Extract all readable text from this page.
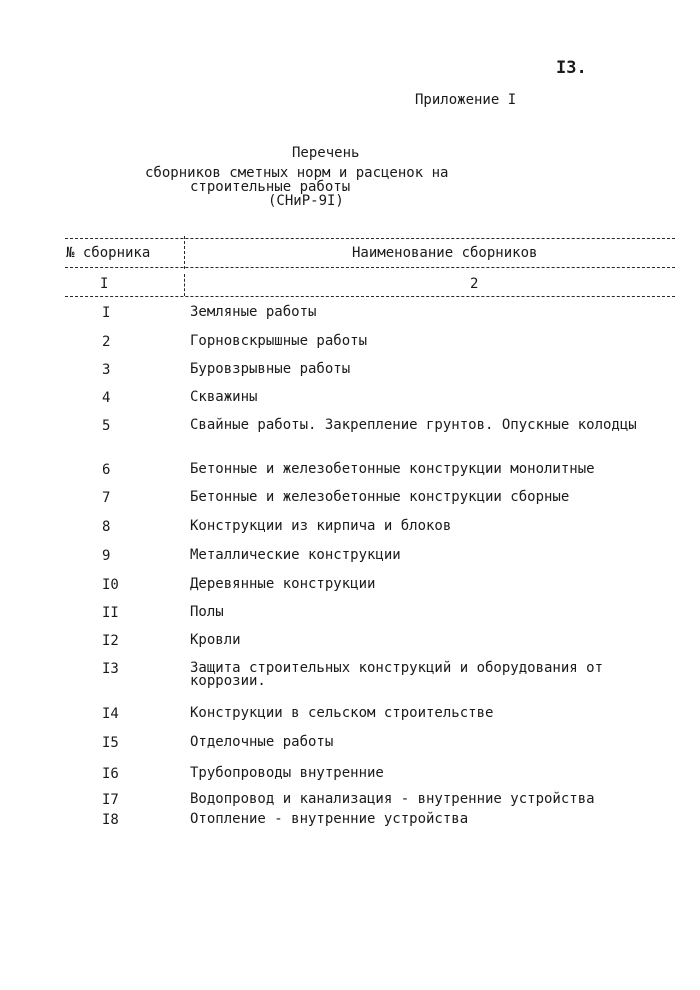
I3.
Приложение I
Перечень
сборников сметных норм и расценок на
строительные работы
(СНиР-9I)
№ сборника	Наименование сборников
I	2
I	Земляные работы
2	Горновскрышные работы
3	Буровзрывные работы
4	Скважины
5	Свайные работы. Закрепление грунтов. Опускные колодцы
6	Бетонные и железобетонные конструкции монолитные
7	Бетонные и железобетонные конструкции сборные
8	Конструкции из кирпича и блоков
9	Металлические конструкции
I0	Деревянные конструкции
II	Полы
I2	Кровли
I3	Защита строительных конструкций и оборудования от коррозии.
I4	Конструкции в сельском строительстве
I5	Отделочные работы
I6	Трубопроводы внутренние
I7	Водопровод и канализация - внутренние устройства
I8	Отопление - внутренние устройства
